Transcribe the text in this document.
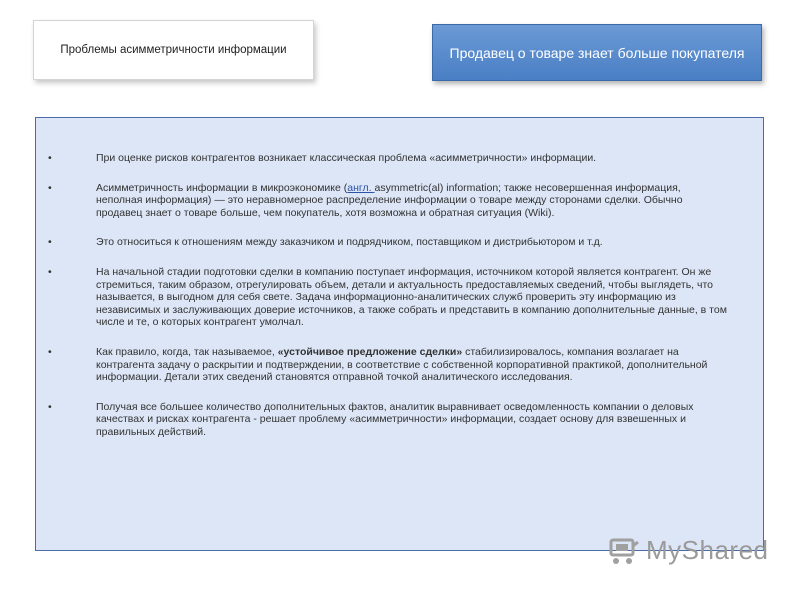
Проблемы асимметричности информации	Продавец о товаре знает больше покупателя
•	При оценке рисков контрагентов возникает классическая проблема «асимметричности» информации.
•	Асимметричность информации в микроэкономике (англ. asymmetric(al) information; также несовершенная информация, неполная информация) — это неравномерное распределение информации о товаре между сторонами сделки. Обычно продавец знает о товаре больше, чем покупатель, хотя возможна и обратная ситуация (Wiki).
•	Это относиться к отношениям между заказчиком и подрядчиком, поставщиком и дистрибьютором и т.д.
•	На начальной стадии подготовки сделки в компанию поступает информация, источником которой является контрагент. Он же стремиться, таким образом, отрегулировать объем, детали и актуальность предоставляемых сведений, чтобы выглядеть, что называется, в выгодном для себя свете. Задача информационно-аналитических служб проверить эту информацию из независимых и заслуживающих доверие источников, а также собрать и представить в компанию дополнительные данные, в том числе и те, о которых контрагент умолчал.
•	Как правило, когда, так называемое, «устойчивое предложение сделки» стабилизировалось, компания возлагает на контрагента задачу о раскрытии и подтверждении, в соответствие с собственной корпоративной практикой, дополнительной информации. Детали этих сведений становятся отправной точкой аналитического исследования.
•	Получая все большее количество дополнительных фактов, аналитик выравнивает осведомленность компании о деловых качествах и рисках контрагента - решает проблему «асимметричности» информации, создает основу для взвешенных и правильных действий.
MyShared
